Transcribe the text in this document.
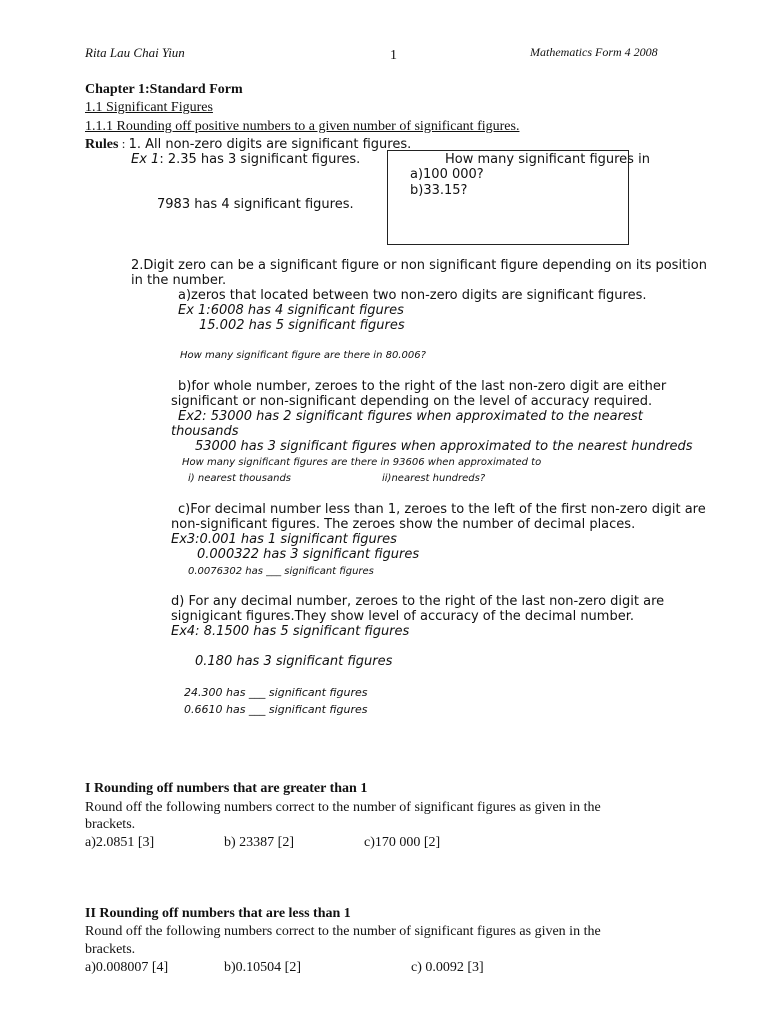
Rita Lau Chai Yiun	1	Mathematics Form 4 2008
Chapter 1:Standard Form
1.1 Significant Figures
1.1.1 Rounding off positive numbers to a given number of significant figures.
Rules : 1. All non-zero digits are significant figures.
Ex 1: 2.35 has 3 significant figures.
7983 has 4 significant figures.
How many significant figures in
a)100 000?
b)33.15?
2.Digit zero can be a significant figure or non significant figure depending on its position
in the number.
a)zeros that located between two non-zero digits are significant figures.
Ex 1:6008 has 4 significant figures
15.002 has 5 significant figures
How many significant figure are there in 80.006?
b)for whole number, zeroes to the right of the last non-zero digit are either
significant or non-significant depending on the level of accuracy required.
Ex2: 53000 has 2 significant figures when approximated to the nearest
thousands
53000 has 3 significant figures when approximated to the nearest hundreds
How many significant figures are there in 93606 when approximated to
i) nearest thousands	ii)nearest hundreds?
c)For decimal number less than 1, zeroes to the left of the first non-zero digit are
non-significant figures. The zeroes show the number of decimal places.
Ex3:0.001 has 1 significant figures
0.000322 has 3 significant figures
0.0076302 has ___ significant figures
d) For any decimal number, zeroes to the right of the last non-zero digit are
signigicant figures.They show level of accuracy of the decimal number.
Ex4: 8.1500 has 5 significant figures
0.180 has 3 significant figures
24.300 has ___ significant figures
0.6610 has ___ significant figures
I Rounding off numbers that are greater than 1
Round off the following numbers correct to the number of significant figures as given in the
brackets.
a)2.0851 [3]	b) 23387 [2]	c)170 000 [2]
II Rounding off numbers that are less than 1
Round off the following numbers correct to the number of significant figures as given in the
brackets.
a)0.008007 [4]	b)0.10504 [2]	c) 0.0092 [3]
